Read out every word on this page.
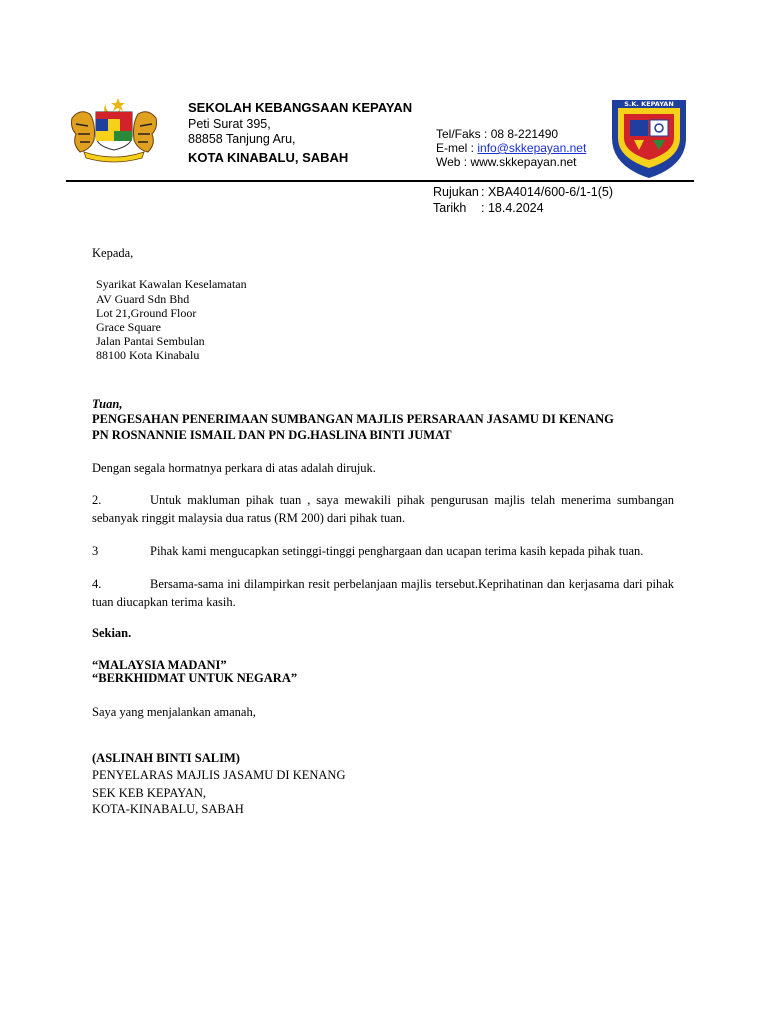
SEKOLAH KEBANGSAAN KEPAYAN
Peti Surat 395,
88858 Tanjung Aru,
KOTA KINABALU, SABAH
Tel/Faks : 08 8-221490
E-mel : info@skkepayan.net
Web : www.skkepayan.net
S.K. KEPAYAN
Rujukan : XBA4014/600-6/1-1(5)
Tarikh : 18.4.2024
Kepada,
Syarikat Kawalan Keselamatan
AV Guard Sdn Bhd
Lot 21,Ground Floor
Grace Square
Jalan Pantai Sembulan
88100 Kota Kinabalu
Tuan,
PENGESAHAN PENERIMAAN SUMBANGAN MAJLIS PERSARAAN JASAMU DI KENANG
PN ROSNANNIE ISMAIL DAN PN DG.HASLINA BINTI JUMAT
Dengan segala hormatnya perkara di atas adalah dirujuk.
2.	Untuk makluman pihak tuan , saya mewakili pihak pengurusan majlis telah menerima sumbangan sebanyak ringgit malaysia dua ratus (RM 200) dari pihak tuan.
3	Pihak kami mengucapkan setinggi-tinggi penghargaan dan ucapan terima kasih kepada pihak tuan.
4.	Bersama-sama ini dilampirkan resit perbelanjaan majlis tersebut.Keprihatinan dan kerjasama dari pihak tuan diucapkan terima kasih.
Sekian.
“MALAYSIA MADANI”
“BERKHIDMAT UNTUK NEGARA”
Saya yang menjalankan amanah,
(ASLINAH BINTI SALIM)
PENYELARAS MAJLIS JASAMU DI KENANG
SEK KEB KEPAYAN,
KOTA-KINABALU, SABAH
